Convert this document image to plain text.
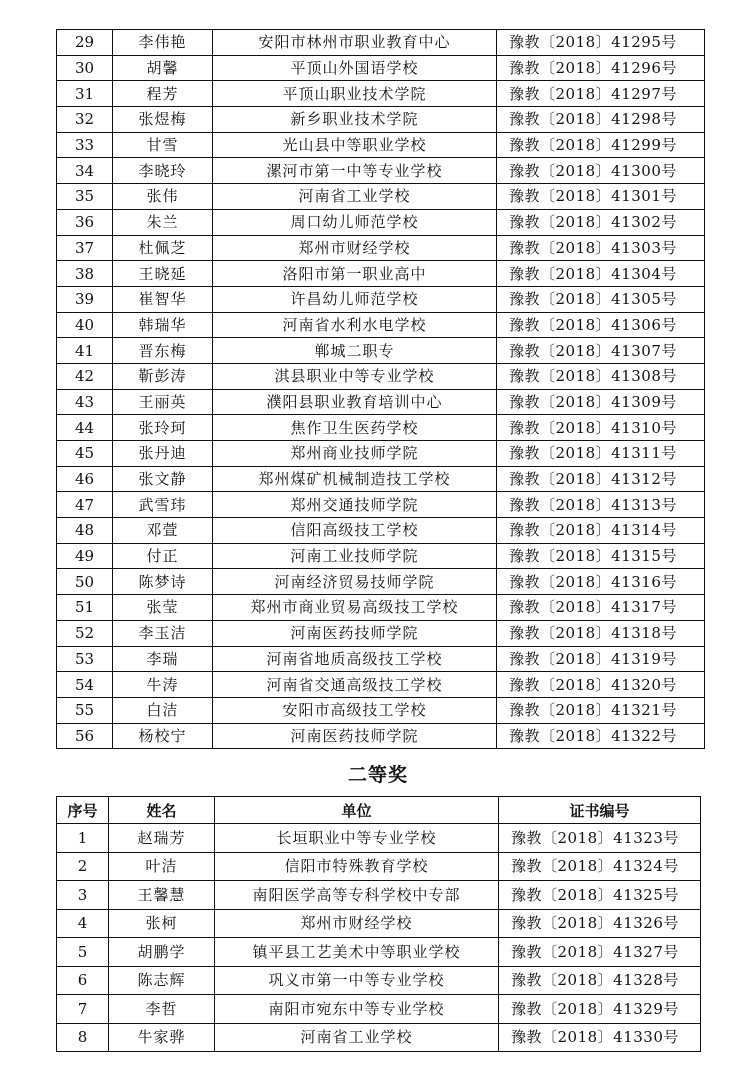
29	李伟艳	安阳市林州市职业教育中心	豫教〔2018〕41295号
30	胡馨	平顶山外国语学校	豫教〔2018〕41296号
31	程芳	平顶山职业技术学院	豫教〔2018〕41297号
32	张煜梅	新乡职业技术学院	豫教〔2018〕41298号
33	甘雪	光山县中等职业学校	豫教〔2018〕41299号
34	李晓玲	漯河市第一中等专业学校	豫教〔2018〕41300号
35	张伟	河南省工业学校	豫教〔2018〕41301号
36	朱兰	周口幼儿师范学校	豫教〔2018〕41302号
37	杜佩芝	郑州市财经学校	豫教〔2018〕41303号
38	王晓延	洛阳市第一职业高中	豫教〔2018〕41304号
39	崔智华	许昌幼儿师范学校	豫教〔2018〕41305号
40	韩瑞华	河南省水利水电学校	豫教〔2018〕41306号
41	晋东梅	郸城二职专	豫教〔2018〕41307号
42	靳彭涛	淇县职业中等专业学校	豫教〔2018〕41308号
43	王丽英	濮阳县职业教育培训中心	豫教〔2018〕41309号
44	张玲珂	焦作卫生医药学校	豫教〔2018〕41310号
45	张丹迪	郑州商业技师学院	豫教〔2018〕41311号
46	张文静	郑州煤矿机械制造技工学校	豫教〔2018〕41312号
47	武雪玮	郑州交通技师学院	豫教〔2018〕41313号
48	邓萱	信阳高级技工学校	豫教〔2018〕41314号
49	付正	河南工业技师学院	豫教〔2018〕41315号
50	陈梦诗	河南经济贸易技师学院	豫教〔2018〕41316号
51	张莹	郑州市商业贸易高级技工学校	豫教〔2018〕41317号
52	李玉洁	河南医药技师学院	豫教〔2018〕41318号
53	李瑞	河南省地质高级技工学校	豫教〔2018〕41319号
54	牛涛	河南省交通高级技工学校	豫教〔2018〕41320号
55	白洁	安阳市高级技工学校	豫教〔2018〕41321号
56	杨校宁	河南医药技师学院	豫教〔2018〕41322号
二等奖
序号	姓名	单位	证书编号
1	赵瑞芳	长垣职业中等专业学校	豫教〔2018〕41323号
2	叶洁	信阳市特殊教育学校	豫教〔2018〕41324号
3	王馨慧	南阳医学高等专科学校中专部	豫教〔2018〕41325号
4	张柯	郑州市财经学校	豫教〔2018〕41326号
5	胡鹏学	镇平县工艺美术中等职业学校	豫教〔2018〕41327号
6	陈志辉	巩义市第一中等专业学校	豫教〔2018〕41328号
7	李哲	南阳市宛东中等专业学校	豫教〔2018〕41329号
8	牛家骅	河南省工业学校	豫教〔2018〕41330号
